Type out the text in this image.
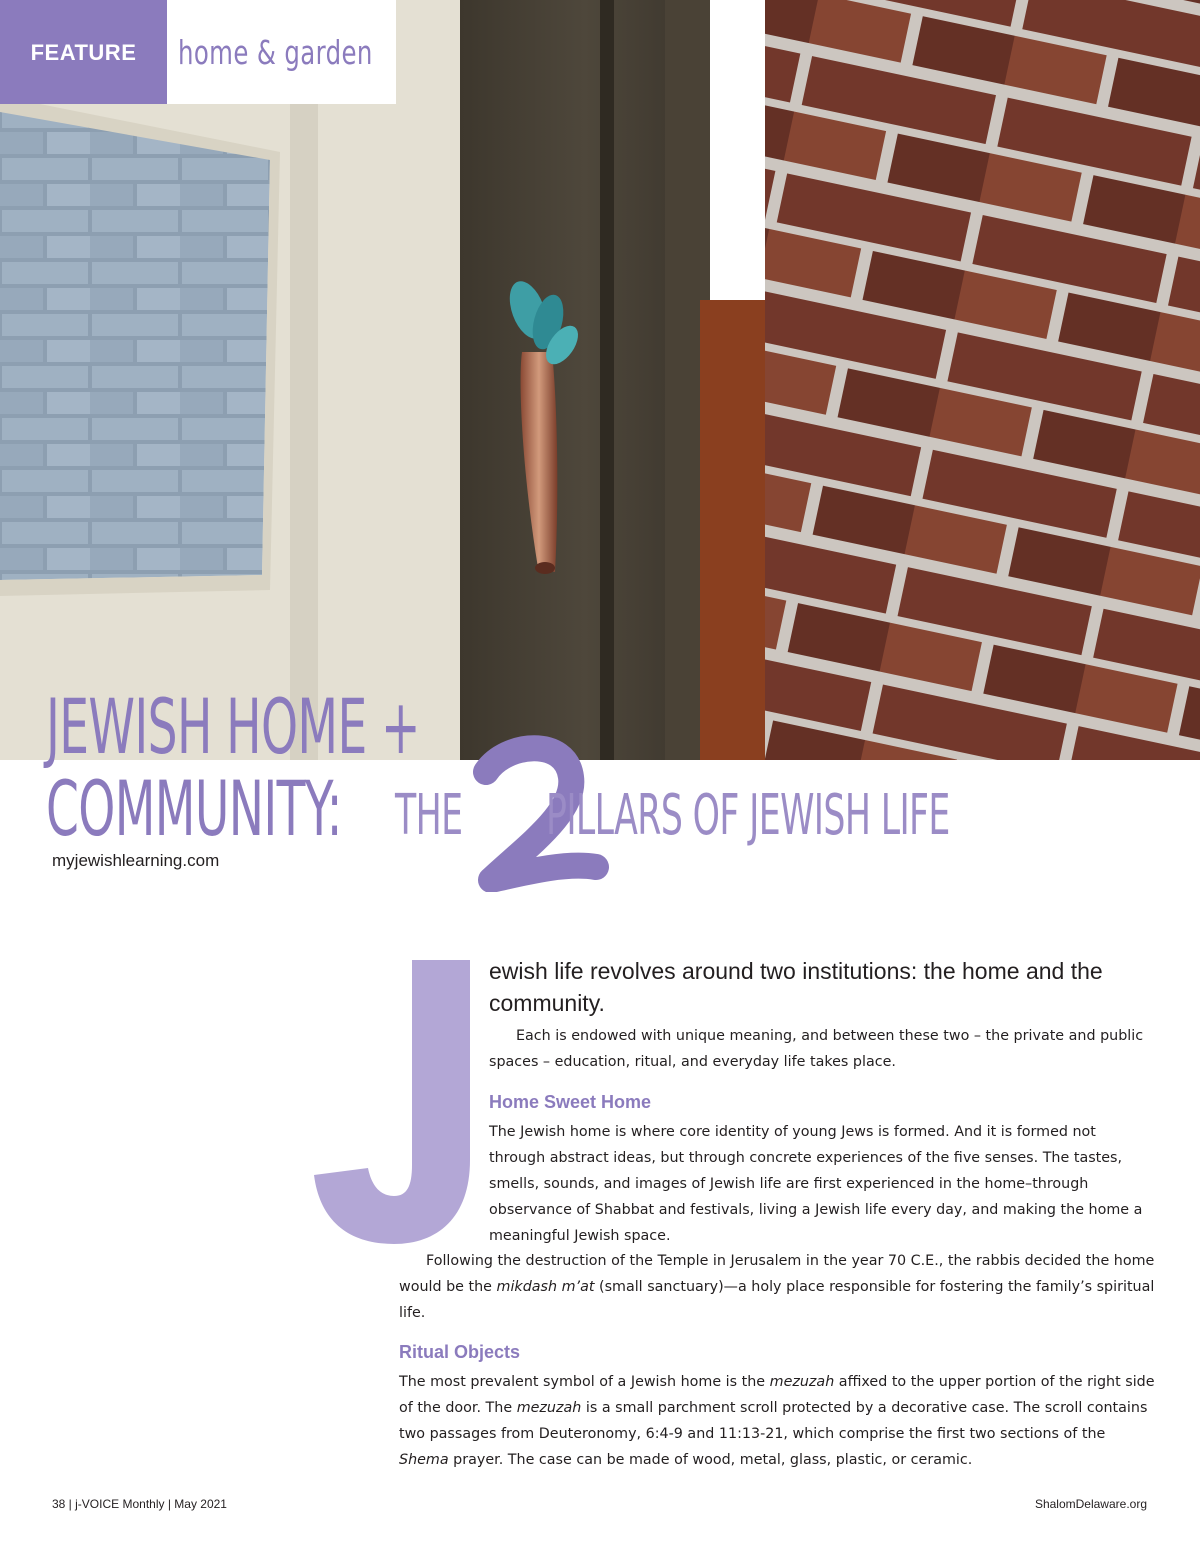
FEATURE home & garden
JEWISH HOME +
COMMUNITY: THE PILLARS OF JEWISH LIFE
myjewishlearning.com
ewish life revolves around two institutions: the home and the community.
Each is endowed with unique meaning, and between these two – the private and public spaces – education, ritual, and everyday life takes place.
Home Sweet Home
The Jewish home is where core identity of young Jews is formed. And it is formed not through abstract ideas, but through concrete experiences of the five senses. The tastes, smells, sounds, and images of Jewish life are first experienced in the home–through observance of Shabbat and festivals, living a Jewish life every day, and making the home a meaningful Jewish space.
Following the destruction of the Temple in Jerusalem in the year 70 C.E., the rabbis decided the home would be the mikdash m’at (small sanctuary)—a holy place responsible for fostering the family’s spiritual life.
Ritual Objects
The most prevalent symbol of a Jewish home is the mezuzah affixed to the upper portion of the right side of the door. The mezuzah is a small parchment scroll protected by a decorative case. The scroll contains two passages from Deuteronomy, 6:4-9 and 11:13-21, which comprise the first two sections of the Shema prayer. The case can be made of wood, metal, glass, plastic, or ceramic.
38 | j-VOICE Monthly | May 2021	ShalomDelaware.org
